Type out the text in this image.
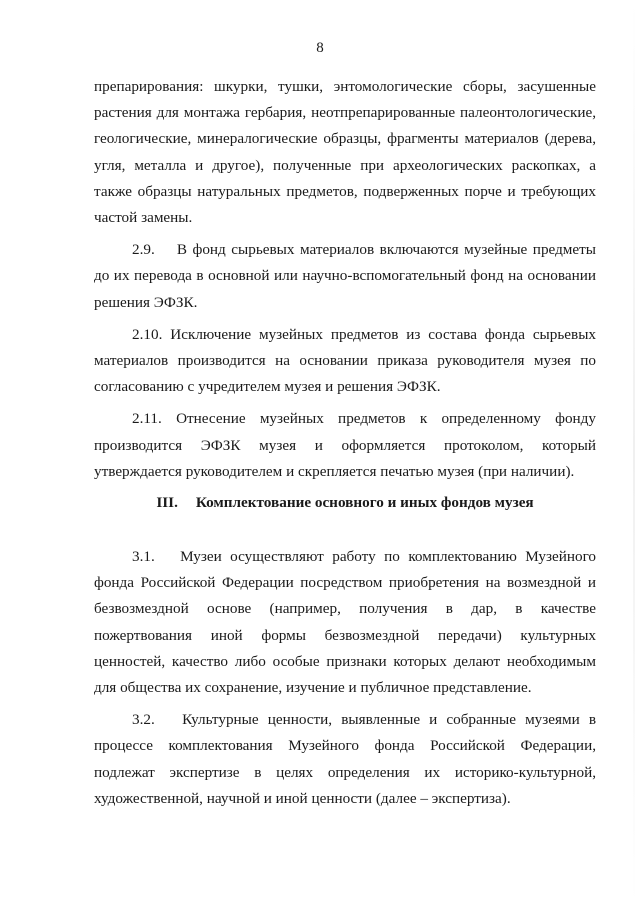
8

препарирования: шкурки, тушки, энтомологические сборы, засушенные растения для монтажа гербария, неотпрепарированные палеонтологические, геологические, минералогические образцы, фрагменты материалов (дерева, угля, металла и другое), полученные при археологических раскопках, а также образцы натуральных предметов, подверженных порче и требующих частой замены.

2.9. В фонд сырьевых материалов включаются музейные предметы до их перевода в основной или научно-вспомогательный фонд на основании решения ЭФЗК.

2.10. Исключение музейных предметов из состава фонда сырьевых материалов производится на основании приказа руководителя музея по согласованию с учредителем музея и решения ЭФЗК.

2.11. Отнесение музейных предметов к определенному фонду производится ЭФЗК музея и оформляется протоколом, который утверждается руководителем и скрепляется печатью музея (при наличии).

III. Комплектование основного и иных фондов музея

3.1. Музеи осуществляют работу по комплектованию Музейного фонда Российской Федерации посредством приобретения на возмездной и безвозмездной основе (например, получения в дар, в качестве пожертвования иной формы безвозмездной передачи) культурных ценностей, качество либо особые признаки которых делают необходимым для общества их сохранение, изучение и публичное представление.

3.2. Культурные ценности, выявленные и собранные музеями в процессе комплектования Музейного фонда Российской Федерации, подлежат экспертизе в целях определения их историко-культурной, художественной, научной и иной ценности (далее – экспертиза).
